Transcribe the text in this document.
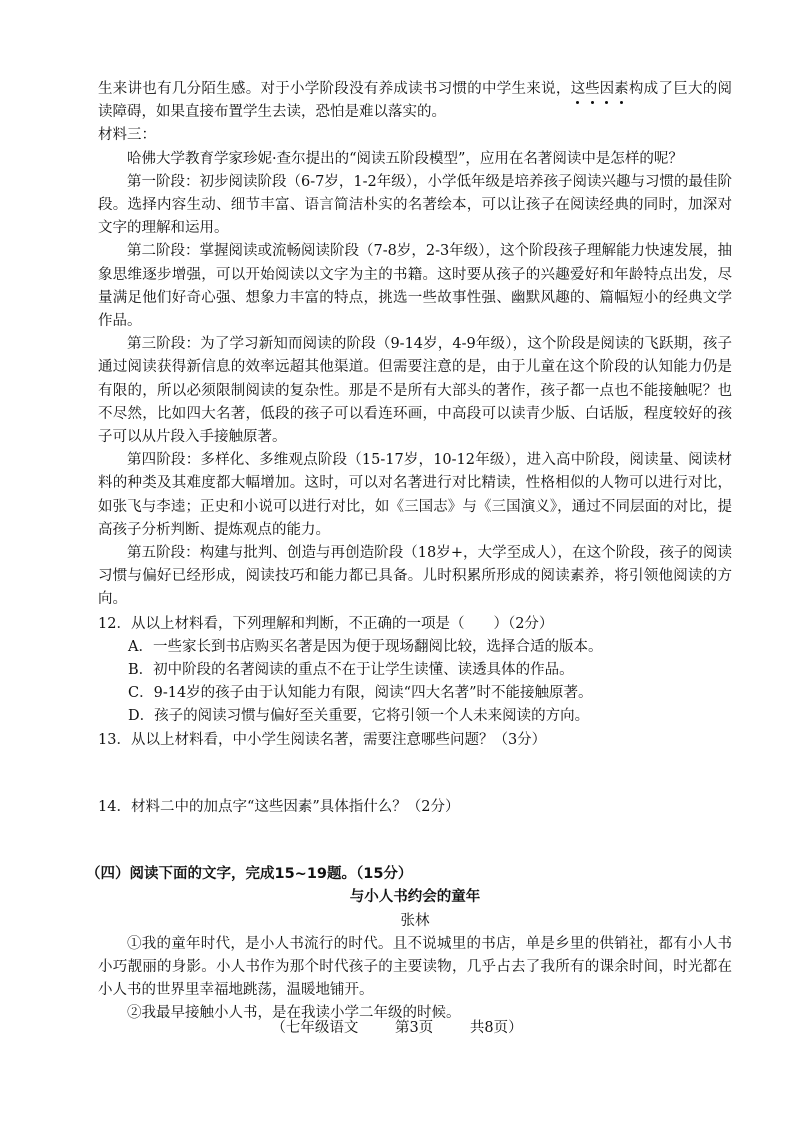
生来讲也有几分陌生感。对于小学阶段没有养成读书习惯的中学生来说，这些因素构成了巨大的阅读障碍，如果直接布置学生去读，恐怕是难以落实的。

材料三：

哈佛大学教育学家珍妮·查尔提出的“阅读五阶段模型”，应用在名著阅读中是怎样的呢？

第一阶段：初步阅读阶段（6-7岁，1-2年级），小学低年级是培养孩子阅读兴趣与习惯的最佳阶段。选择内容生动、细节丰富、语言简洁朴实的名著绘本，可以让孩子在阅读经典的同时，加深对文字的理解和运用。

第二阶段：掌握阅读或流畅阅读阶段（7-8岁，2-3年级），这个阶段孩子理解能力快速发展，抽象思维逐步增强，可以开始阅读以文字为主的书籍。这时要从孩子的兴趣爱好和年龄特点出发，尽量满足他们好奇心强、想象力丰富的特点，挑选一些故事性强、幽默风趣的、篇幅短小的经典文学作品。

第三阶段：为了学习新知而阅读的阶段（9-14岁，4-9年级），这个阶段是阅读的飞跃期，孩子通过阅读获得新信息的效率远超其他渠道。但需要注意的是，由于儿童在这个阶段的认知能力仍是有限的，所以必须限制阅读的复杂性。那是不是所有大部头的著作，孩子都一点也不能接触呢？也不尽然，比如四大名著，低段的孩子可以看连环画，中高段可以读青少版、白话版，程度较好的孩子可以从片段入手接触原著。

第四阶段：多样化、多维观点阶段（15-17岁，10-12年级），进入高中阶段，阅读量、阅读材料的种类及其难度都大幅增加。这时，可以对名著进行对比精读，性格相似的人物可以进行对比，如张飞与李逵；正史和小说可以进行对比，如《三国志》与《三国演义》，通过不同层面的对比，提高孩子分析判断、提炼观点的能力。

第五阶段：构建与批判、创造与再创造阶段（18岁+，大学至成人），在这个阶段，孩子的阅读习惯与偏好已经形成，阅读技巧和能力都已具备。儿时积累所形成的阅读素养，将引领他阅读的方向。

12．从以上材料看，下列理解和判断，不正确的一项是（　　）（2分）

A．一些家长到书店购买名著是因为便于现场翻阅比较，选择合适的版本。

B．初中阶段的名著阅读的重点不在于让学生读懂、读透具体的作品。

C．9-14岁的孩子由于认知能力有限，阅读“四大名著”时不能接触原著。

D．孩子的阅读习惯与偏好至关重要，它将引领一个人未来阅读的方向。

13．从以上材料看，中小学生阅读名著，需要注意哪些问题？（3分）

14．材料二中的加点字“这些因素”具体指什么？（2分）

（四）阅读下面的文字，完成15~19题。（15分）

与小人书约会的童年

张林

①我的童年时代，是小人书流行的时代。且不说城里的书店，单是乡里的供销社，都有小人书小巧靓丽的身影。小人书作为那个时代孩子的主要读物，几乎占去了我所有的课余时间，时光都在小人书的世界里幸福地跳荡，温暖地铺开。

②我最早接触小人书，是在我读小学二年级的时候。

（七年级语文	第3页	共8页）
